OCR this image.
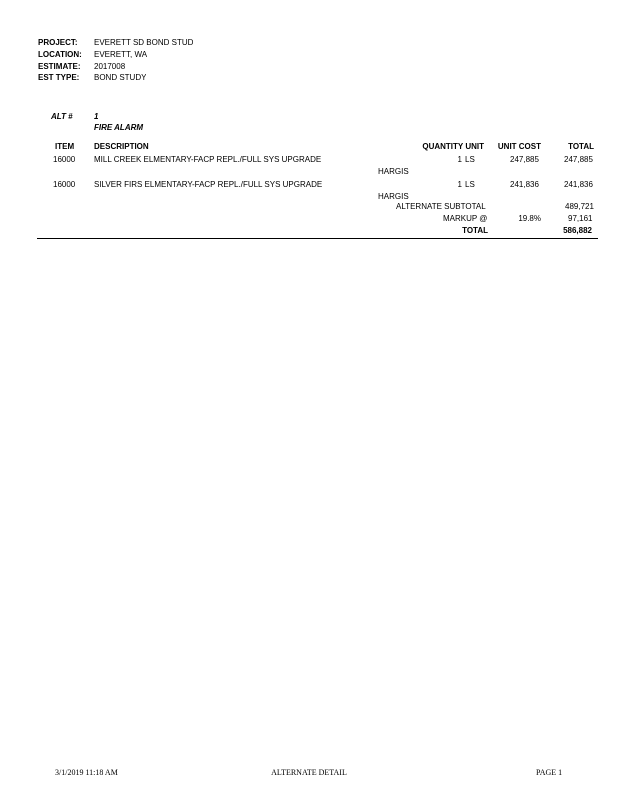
PROJECT: EVERETT SD BOND STUD
LOCATION: EVERETT, WA
ESTIMATE: 2017008
EST TYPE: BOND STUDY
ALT #	1
FIRE ALARM
ITEM DESCRIPTION	QUANTITY UNIT	UNIT COST	TOTAL
16000 MILL CREEK ELMENTARY-FACP REPL./FULL SYS UPGRADE	1 LS	247,885	247,885
HARGIS
16000 SILVER FIRS ELMENTARY-FACP REPL./FULL SYS UPGRADE	1 LS	241,836	241,836
HARGIS
ALTERNATE SUBTOTAL	489,721
MARKUP @	19.8%	97,161
TOTAL	586,882
3/1/2019 11:18 AM	ALTERNATE DETAIL	PAGE 1
